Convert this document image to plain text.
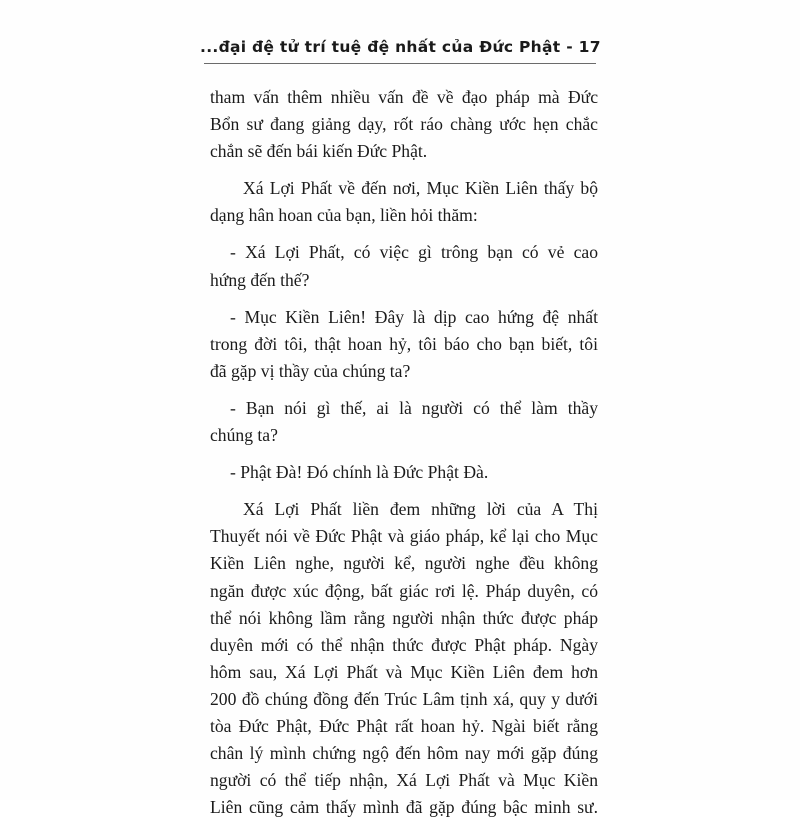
...đại đệ tử trí tuệ đệ nhất của Đức Phật - 17
tham vấn thêm nhiều vấn đề về đạo pháp mà Đức
Bổn sư đang giảng dạy, rốt ráo chàng ước hẹn chắc
chắn sẽ đến bái kiến Đức Phật.
Xá Lợi Phất về đến nơi, Mục Kiền Liên thấy bộ
dạng hân hoan của bạn, liền hỏi thăm:
- Xá Lợi Phất, có việc gì trông bạn có vẻ cao
hứng đến thế?
- Mục Kiền Liên! Đây là dịp cao hứng đệ nhất
trong đời tôi, thật hoan hỷ, tôi báo cho bạn biết, tôi
đã gặp vị thầy của chúng ta?
- Bạn nói gì thế, ai là người có thể làm thầy
chúng ta?
- Phật Đà! Đó chính là Đức Phật Đà.
Xá Lợi Phất liền đem những lời của A Thị
Thuyết nói về Đức Phật và giáo pháp, kể lại cho Mục
Kiền Liên nghe, người kể, người nghe đều không
ngăn được xúc động, bất giác rơi lệ. Pháp duyên, có
thể nói không lầm rằng người nhận thức được pháp
duyên mới có thể nhận thức được Phật pháp. Ngày
hôm sau, Xá Lợi Phất và Mục Kiền Liên đem hơn
200 đồ chúng đồng đến Trúc Lâm tịnh xá, quy y dưới
tòa Đức Phật, Đức Phật rất hoan hỷ. Ngài biết rằng
chân lý mình chứng ngộ đến hôm nay mới gặp đúng
người có thể tiếp nhận, Xá Lợi Phất và Mục Kiền
Liên cũng cảm thấy mình đã gặp đúng bậc minh sư.
